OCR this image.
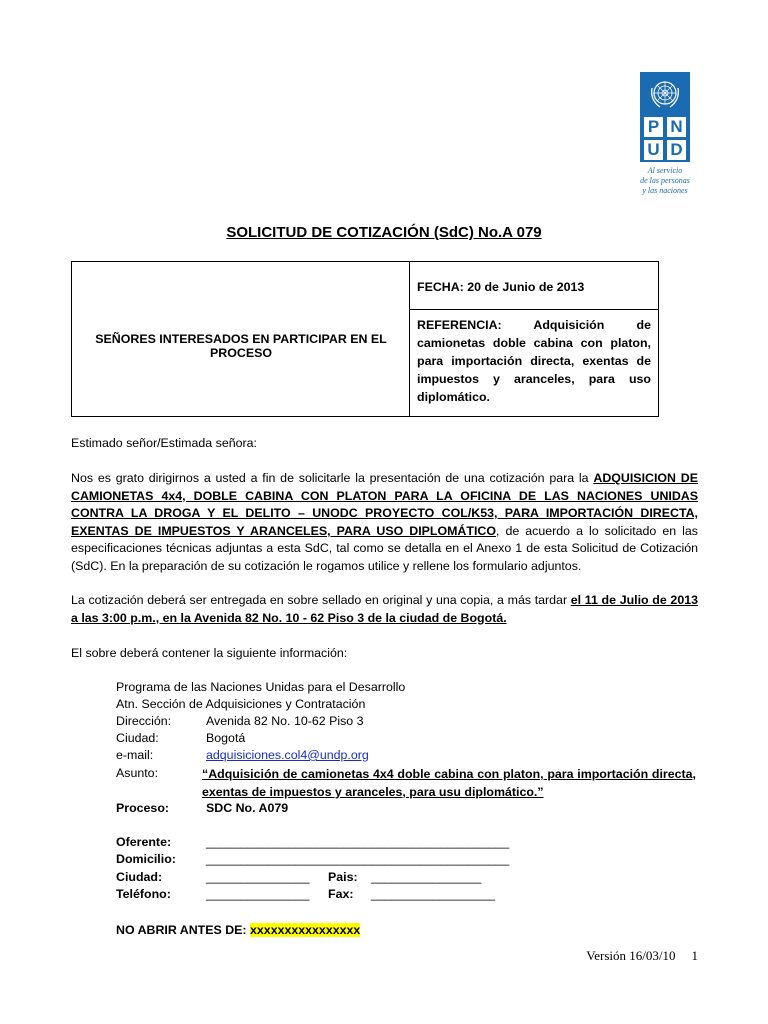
P N
U D
Al servicio
de las personas
y las naciones
SOLICITUD DE COTIZACIÓN (SdC) No.A 079
SEÑORES INTERESADOS EN PARTICIPAR EN EL PROCESO
FECHA: 20 de Junio de 2013
REFERENCIA: Adquisición de camionetas doble cabina con platon, para importación directa, exentas de impuestos y aranceles, para uso diplomático.
Estimado señor/Estimada señora:
Nos es grato dirigirnos a usted a fin de solicitarle la presentación de una cotización para la ADQUISICION DE CAMIONETAS 4x4, DOBLE CABINA CON PLATON PARA LA OFICINA DE LAS NACIONES UNIDAS CONTRA LA DROGA Y EL DELITO – UNODC PROYECTO COL/K53, PARA IMPORTACIÓN DIRECTA, EXENTAS DE IMPUESTOS Y ARANCELES, PARA USO DIPLOMÁTICO, de acuerdo a lo solicitado en las especificaciones técnicas adjuntas a esta SdC, tal como se detalla en el Anexo 1 de esta Solicitud de Cotización (SdC). En la preparación de su cotización le rogamos utilice y rellene los formulario adjuntos.
La cotización deberá ser entregada en sobre sellado en original y una copia, a más tardar el 11 de Julio de 2013 a las 3:00 p.m., en la Avenida 82 No. 10 - 62 Piso 3 de la ciudad de Bogotá.
El sobre deberá contener la siguiente información:
Programa de las Naciones Unidas para el Desarrollo
Atn. Sección de Adquisiciones y Contratación
Dirección:	Avenida 82 No. 10-62 Piso 3
Ciudad:	Bogotá
e-mail:	adquisiciones.col4@undp.org
Asunto:	“Adquisición de camionetas 4x4 doble cabina con platon, para importación directa, exentas de impuestos y aranceles, para usu diplomático.”
Proceso:	SDC No. A079
Oferente:	____________________________________________
Domicilio: ____________________________________________
Ciudad:	_______________ Pais: ________________
Teléfono:	_______________ Fax: __________________
NO ABRIR ANTES DE: xxxxxxxxxxxxxxxx
Versión 16/03/10 1
